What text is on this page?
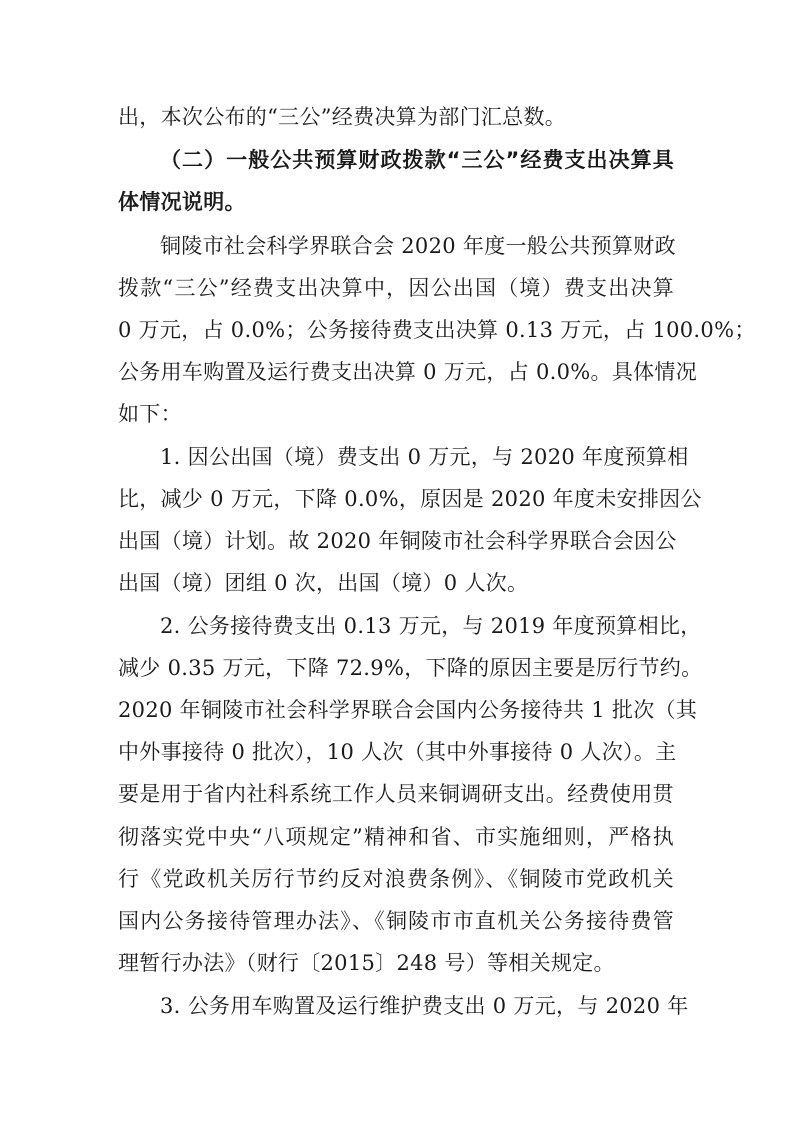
出，本次公布的“三公”经费决算为部门汇总数。
（二）一般公共预算财政拨款“三公”经费支出决算具
体情况说明。
铜陵市社会科学界联合会 2020 年度一般公共预算财政
拨款“三公”经费支出决算中，因公出国（境）费支出决算
0 万元，占 0.0%；公务接待费支出决算 0.13 万元，占 100.0%；
公务用车购置及运行费支出决算 0 万元，占 0.0%。具体情况
如下：
1. 因公出国（境）费支出 0 万元，与 2020 年度预算相
比，减少 0 万元，下降 0.0%，原因是 2020 年度未安排因公
出国（境）计划。故 2020 年铜陵市社会科学界联合会因公
出国（境）团组 0 次，出国（境）0 人次。
2. 公务接待费支出 0.13 万元，与 2019 年度预算相比，
减少 0.35 万元，下降 72.9%，下降的原因主要是厉行节约。
2020 年铜陵市社会科学界联合会国内公务接待共 1 批次（其
中外事接待 0 批次），10 人次（其中外事接待 0 人次）。主
要是用于省内社科系统工作人员来铜调研支出。经费使用贯
彻落实党中央“八项规定”精神和省、市实施细则，严格执
行《党政机关厉行节约反对浪费条例》、《铜陵市党政机关
国内公务接待管理办法》、《铜陵市市直机关公务接待费管
理暂行办法》（财行〔2015〕248 号）等相关规定。
3. 公务用车购置及运行维护费支出 0 万元，与 2020 年
